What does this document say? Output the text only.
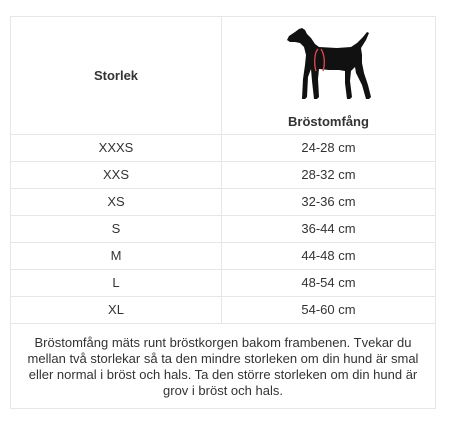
Storlek	Bröstomfång

XXXS	24-28 cm
XXS	28-32 cm
XS	32-36 cm
S	36-44 cm
M	44-48 cm
L	48-54 cm
XL	54-60 cm
Bröstomfång mäts runt bröstkorgen bakom frambenen. Tvekar du mellan två storlekar så ta den mindre storleken om din hund är smal eller normal i bröst och hals. Ta den större storleken om din hund är grov i bröst och hals.	
